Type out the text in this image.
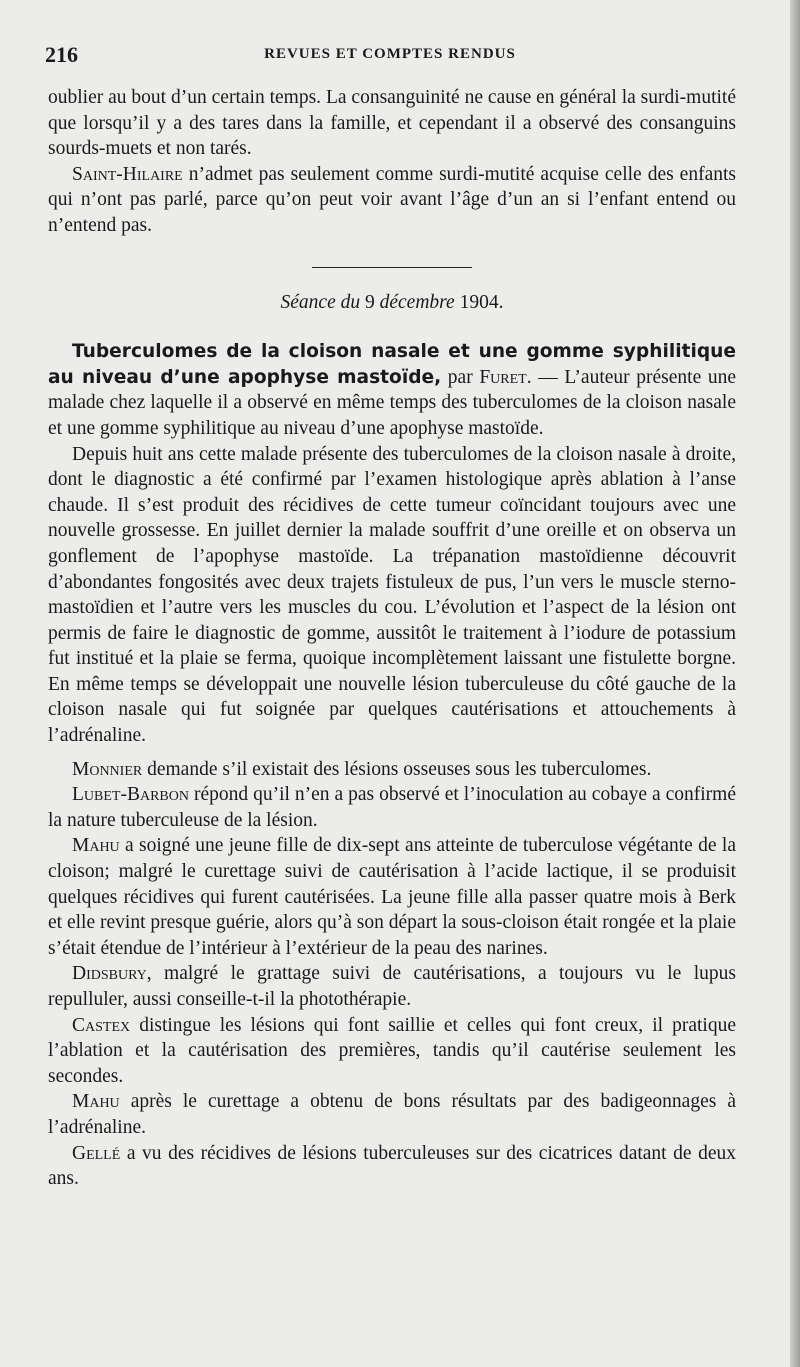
216	REVUES ET COMPTES RENDUS

oublier au bout d’un certain temps. La consanguinité ne cause en général la surdi-mutité que lorsqu’il y a des tares dans la famille, et cependant il a observé des consanguins sourds-muets et non tarés.

Saint-Hilaire n’admet pas seulement comme surdi-mutité acquise celle des enfants qui n’ont pas parlé, parce qu’on peut voir avant l’âge d’un an si l’enfant entend ou n’entend pas.

Séance du 9 décembre 1904.

Tuberculomes de la cloison nasale et une gomme syphilitique au niveau d’une apophyse mastoïde, par Furet. — L’auteur présente une malade chez laquelle il a observé en même temps des tuberculomes de la cloison nasale et une gomme syphilitique au niveau d’une apophyse mastoïde.

Depuis huit ans cette malade présente des tuberculomes de la cloison nasale à droite, dont le diagnostic a été confirmé par l’examen histologique après ablation à l’anse chaude. Il s’est produit des récidives de cette tumeur coïncidant toujours avec une nouvelle grossesse. En juillet dernier la malade souffrit d’une oreille et on observa un gonflement de l’apophyse mastoïde. La trépanation mastoïdienne découvrit d’abondantes fongosités avec deux trajets fistuleux de pus, l’un vers le muscle sterno-mastoïdien et l’autre vers les muscles du cou. L’évolution et l’aspect de la lésion ont permis de faire le diagnostic de gomme, aussitôt le traitement à l’iodure de potassium fut institué et la plaie se ferma, quoique incomplètement laissant une fistulette borgne. En même temps se développait une nouvelle lésion tuberculeuse du côté gauche de la cloison nasale qui fut soignée par quelques cautérisations et attouchements à l’adrénaline.

Monnier demande s’il existait des lésions osseuses sous les tuberculomes.

Lubet-Barbon répond qu’il n’en a pas observé et l’inoculation au cobaye a confirmé la nature tuberculeuse de la lésion.

Mahu a soigné une jeune fille de dix-sept ans atteinte de tuberculose végétante de la cloison; malgré le curettage suivi de cautérisation à l’acide lactique, il se produisit quelques récidives qui furent cautérisées. La jeune fille alla passer quatre mois à Berk et elle revint presque guérie, alors qu’à son départ la sous-cloison était rongée et la plaie s’était étendue de l’intérieur à l’extérieur de la peau des narines.

Didsbury, malgré le grattage suivi de cautérisations, a toujours vu le lupus repulluler, aussi conseille-t-il la photothérapie.

Castex distingue les lésions qui font saillie et celles qui font creux, il pratique l’ablation et la cautérisation des premières, tandis qu’il cautérise seulement les secondes.

Mahu après le curettage a obtenu de bons résultats par des badigeonnages à l’adrénaline.

Gellé a vu des récidives de lésions tuberculeuses sur des cicatrices datant de deux ans.
